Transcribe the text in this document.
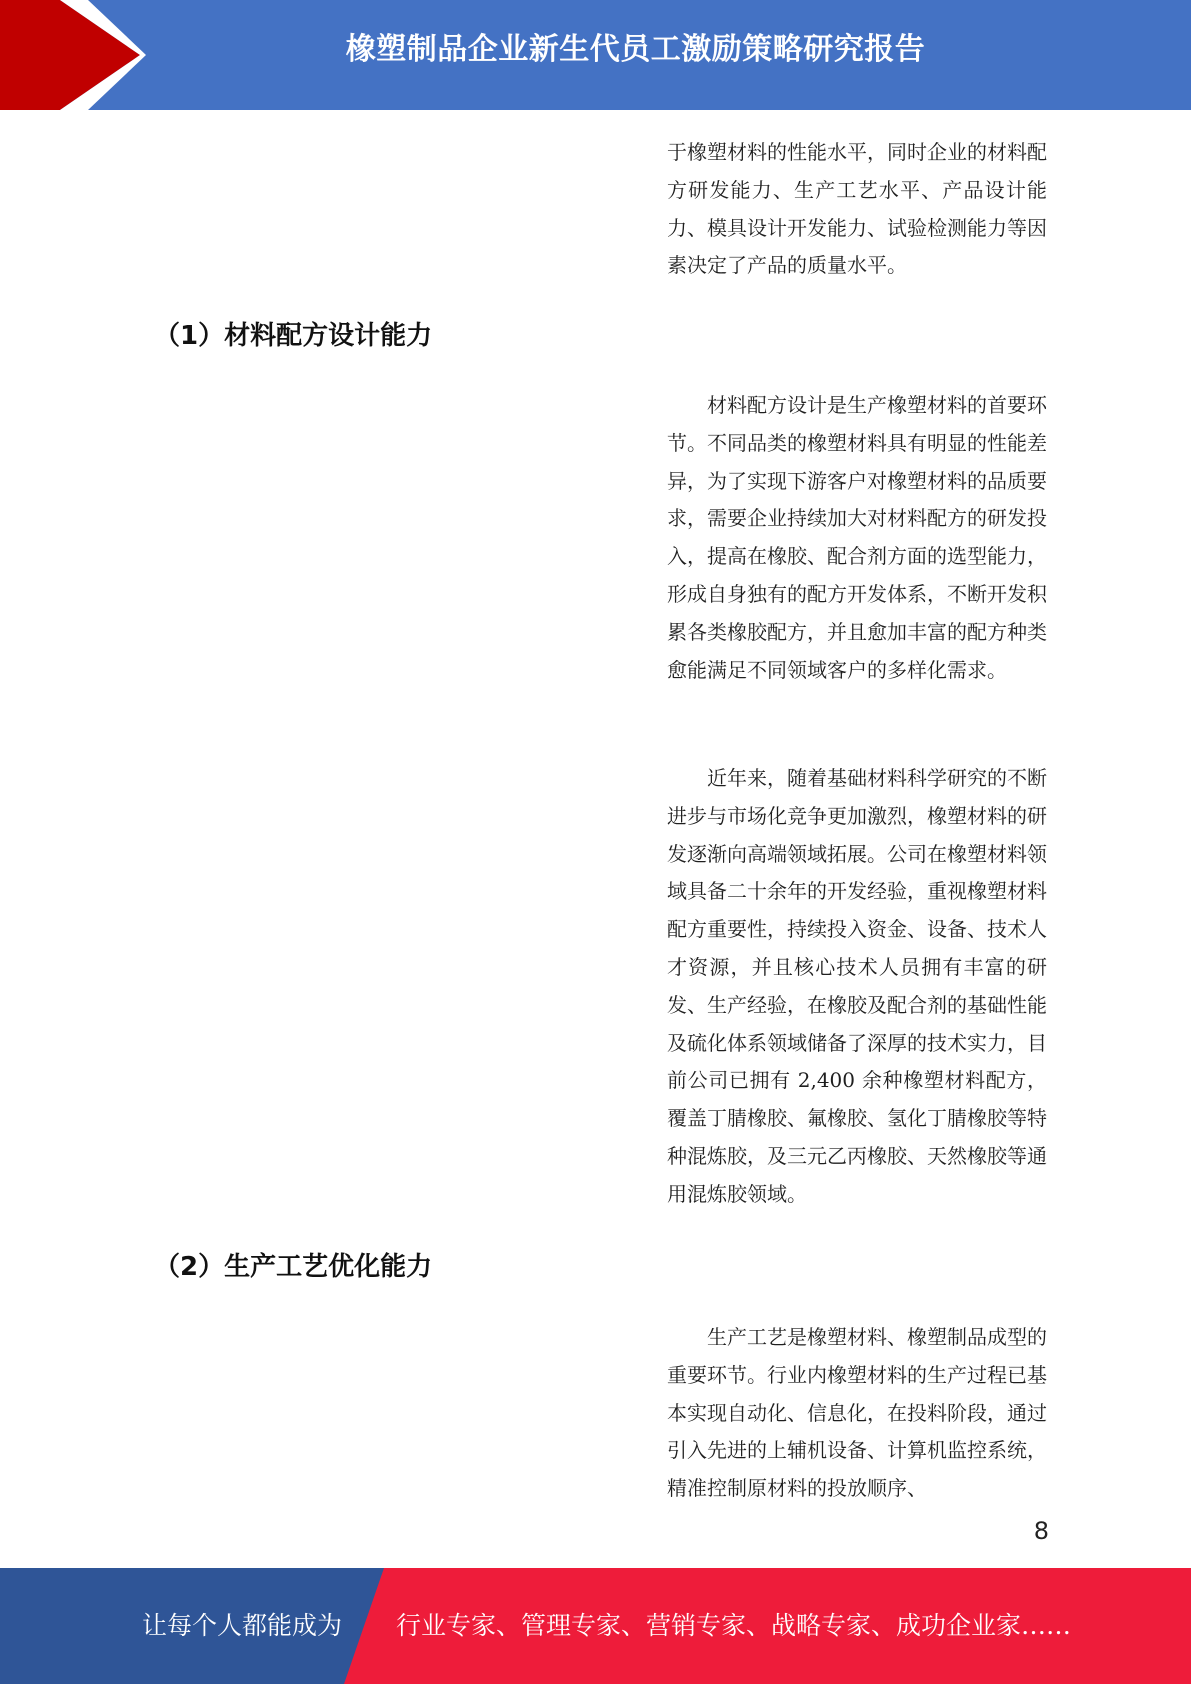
橡塑制品企业新生代员工激励策略研究报告

于橡塑材料的性能水平，同时企业的材料配方研发能力、生产工艺水平、产品设计能力、模具设计开发能力、试验检测能力等因素决定了产品的质量水平。

（1）材料配方设计能力

材料配方设计是生产橡塑材料的首要环节。不同品类的橡塑材料具有明显的性能差异，为了实现下游客户对橡塑材料的品质要求，需要企业持续加大对材料配方的研发投入，提高在橡胶、配合剂方面的选型能力，形成自身独有的配方开发体系，不断开发积累各类橡胶配方，并且愈加丰富的配方种类愈能满足不同领域客户的多样化需求。

近年来，随着基础材料科学研究的不断进步与市场化竞争更加激烈，橡塑材料的研发逐渐向高端领域拓展。公司在橡塑材料领域具备二十余年的开发经验，重视橡塑材料配方重要性，持续投入资金、设备、技术人才资源，并且核心技术人员拥有丰富的研发、生产经验，在橡胶及配合剂的基础性能及硫化体系领域储备了深厚的技术实力，目前公司已拥有 2,400 余种橡塑材料配方，覆盖丁腈橡胶、氟橡胶、氢化丁腈橡胶等特种混炼胶，及三元乙丙橡胶、天然橡胶等通用混炼胶领域。

（2）生产工艺优化能力

生产工艺是橡塑材料、橡塑制品成型的重要环节。行业内橡塑材料的生产过程已基本实现自动化、信息化，在投料阶段，通过引入先进的上辅机设备、计算机监控系统，精准控制原材料的投放顺序、

8
让每个人都能成为 行业专家、管理专家、营销专家、战略专家、成功企业家……
